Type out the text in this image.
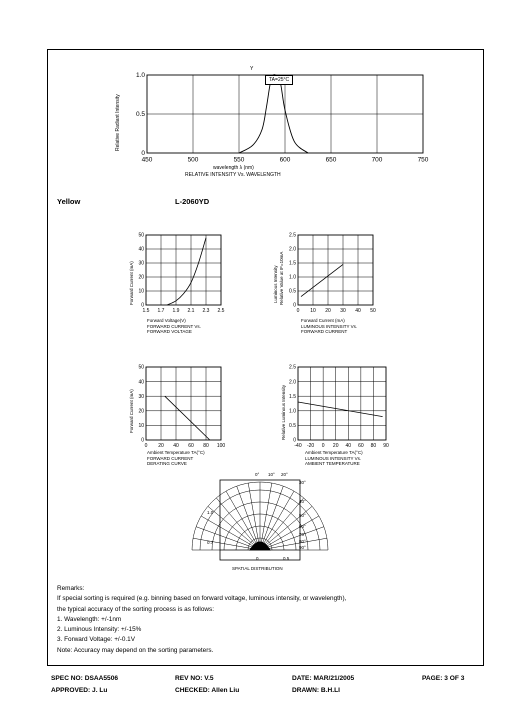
450	500	550	600	650	700	750
1.0
0.5
0
TA=25°C
Y
wavelength λ (nm)
RELATIVE INTENSITY Vs. WAVELENGTH
Relative Radiant Intensity
Yellow	L-2060YD
1.5 1.7 1.9 2.1 2.3 2.5
50
40
30
20
10
0
Forward Current (mA)
Forward Voltage(V)
FORWARD CURRENT Vs.
FORWARD VOLTAGE
0 10 20 30 40 50
2.5
2.0
1.5
1.0
0.5
0
Luminous Intensity Relative Value at IF=10mA
Forward Current (mA)
LUMINOUS INTENSITY Vs.
FORWARD CURRENT
0 20 40 60 80 100
50
40
30
20
10
0
Forward Current (mA)
Ambient Temperature TA(°C)
FORWARD CURRENT
DERATING CURVE
-40 -20 0 20 40 60 80 90
2.5
2.0
1.5
1.0
0.5
0
Relative Luminous Intensity
Ambient Temperature TA(°C)
LUMINOUS INTENSITY Vs.
AMBIENT TEMPERATURE
0° 10° 20°
30°
40°
50°
60°
70°
80°
90°
1.0
0.7
0	0.5
SPATIAL DISTRIBUTION
Remarks:
If special sorting is required (e.g. binning based on forward voltage, luminous intensity, or wavelength),
the typical accuracy of the sorting process is as follows:
1. Wavelength: +/-1nm
2. Luminous Intensity: +/-15%
3. Forward Voltage: +/-0.1V
Note: Accuracy may depend on the sorting parameters.
SPEC NO: DSAA5506	REV NO: V.5	DATE: MAR/21/2005	PAGE: 3 OF 3
APPROVED: J. Lu	CHECKED: Allen Liu	DRAWN: B.H.LI
